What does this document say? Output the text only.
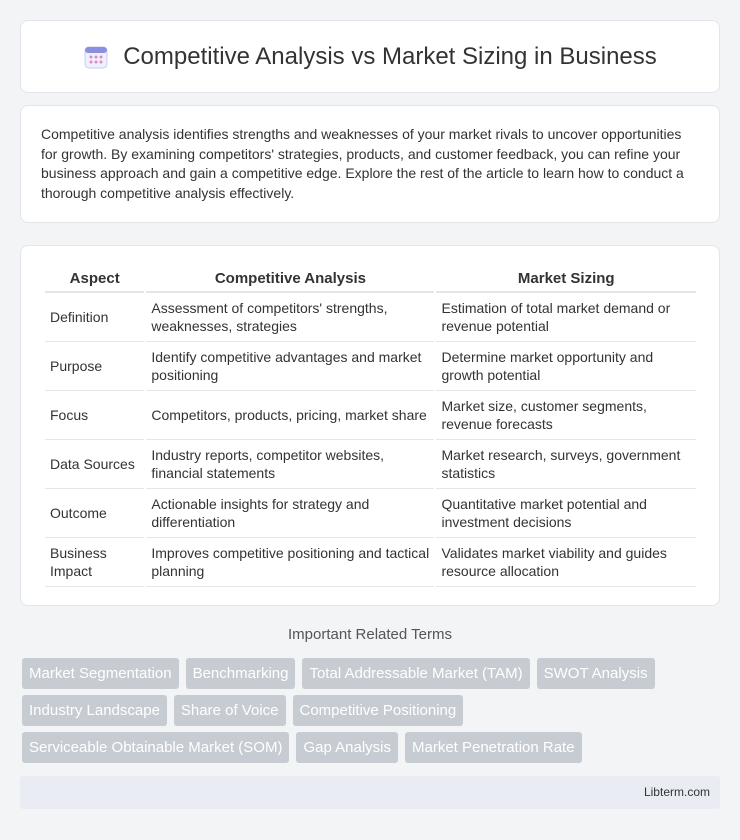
Competitive Analysis vs Market Sizing in Business

Competitive analysis identifies strengths and weaknesses of your market rivals to uncover opportunities for growth. By examining competitors' strategies, products, and customer feedback, you can refine your business approach and gain a competitive edge. Explore the rest of the article to learn how to conduct a thorough competitive analysis effectively.

Aspect	Competitive Analysis	Market Sizing
Definition	Assessment of competitors' strengths, weaknesses, strategies	Estimation of total market demand or revenue potential
Purpose	Identify competitive advantages and market positioning	Determine market opportunity and growth potential
Focus	Competitors, products, pricing, market share	Market size, customer segments, revenue forecasts
Data Sources	Industry reports, competitor websites, financial statements	Market research, surveys, government statistics
Outcome	Actionable insights for strategy and differentiation	Quantitative market potential and investment decisions
Business Impact	Improves competitive positioning and tactical planning	Validates market viability and guides resource allocation
Important Related Terms
Market Segmentation	Benchmarking	Total Addressable Market (TAM)	SWOT Analysis
Industry Landscape	Share of Voice	Competitive Positioning
Serviceable Obtainable Market (SOM)	Gap Analysis	Market Penetration Rate
Libterm.com
